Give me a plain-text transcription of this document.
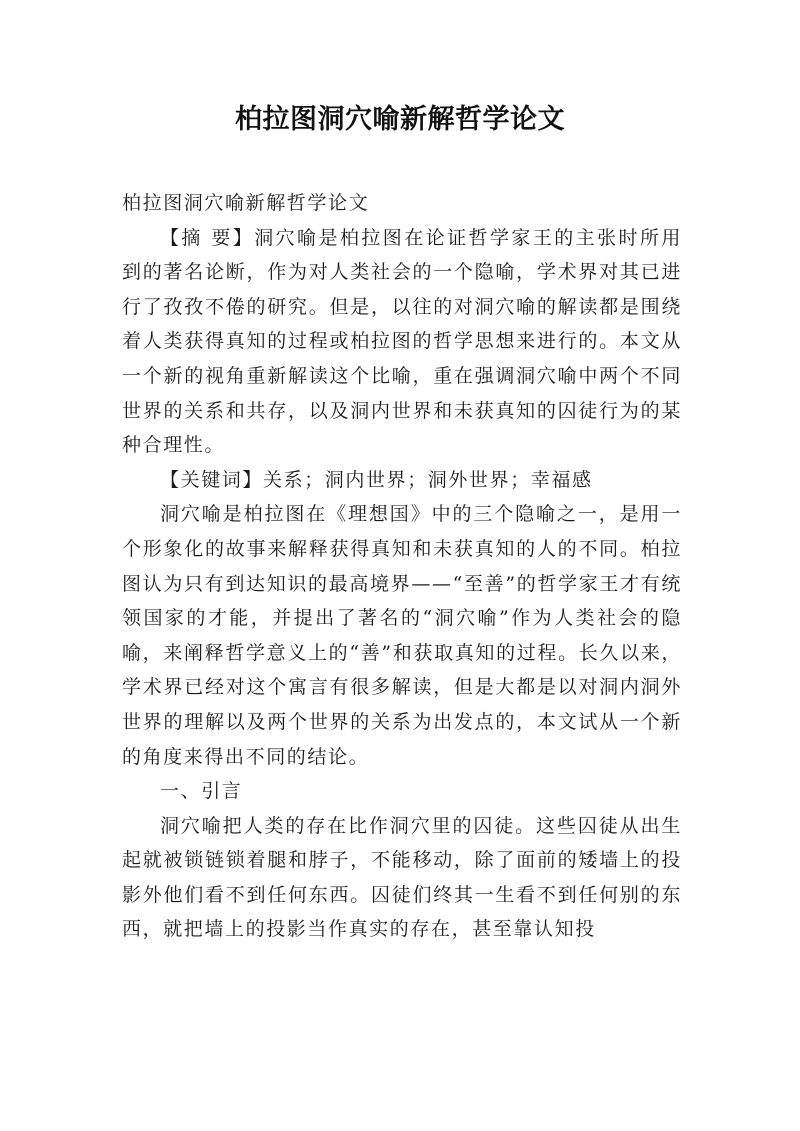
柏拉图洞穴喻新解哲学论文

柏拉图洞穴喻新解哲学论文

【摘 要】洞穴喻是柏拉图在论证哲学家王的主张时所用到的著名论断，作为对人类社会的一个隐喻，学术界对其已进行了孜孜不倦的研究。但是，以往的对洞穴喻的解读都是围绕着人类获得真知的过程或柏拉图的哲学思想来进行的。本文从一个新的视角重新解读这个比喻，重在强调洞穴喻中两个不同世界的关系和共存，以及洞内世界和未获真知的囚徒行为的某种合理性。

【关键词】关系；洞内世界；洞外世界；幸福感

洞穴喻是柏拉图在《理想国》中的三个隐喻之一，是用一个形象化的故事来解释获得真知和未获真知的人的不同。柏拉图认为只有到达知识的最高境界——“至善”的哲学家王才有统领国家的才能，并提出了著名的“洞穴喻”作为人类社会的隐喻，来阐释哲学意义上的“善”和获取真知的过程。长久以来，学术界已经对这个寓言有很多解读，但是大都是以对洞内洞外世界的理解以及两个世界的关系为出发点的，本文试从一个新的角度来得出不同的结论。

一、引言

洞穴喻把人类的存在比作洞穴里的囚徒。这些囚徒从出生起就被锁链锁着腿和脖子，不能移动，除了面前的矮墙上的投影外他们看不到任何东西。囚徒们终其一生看不到任何别的东西，就把墙上的投影当作真实的存在，甚至靠认知投
